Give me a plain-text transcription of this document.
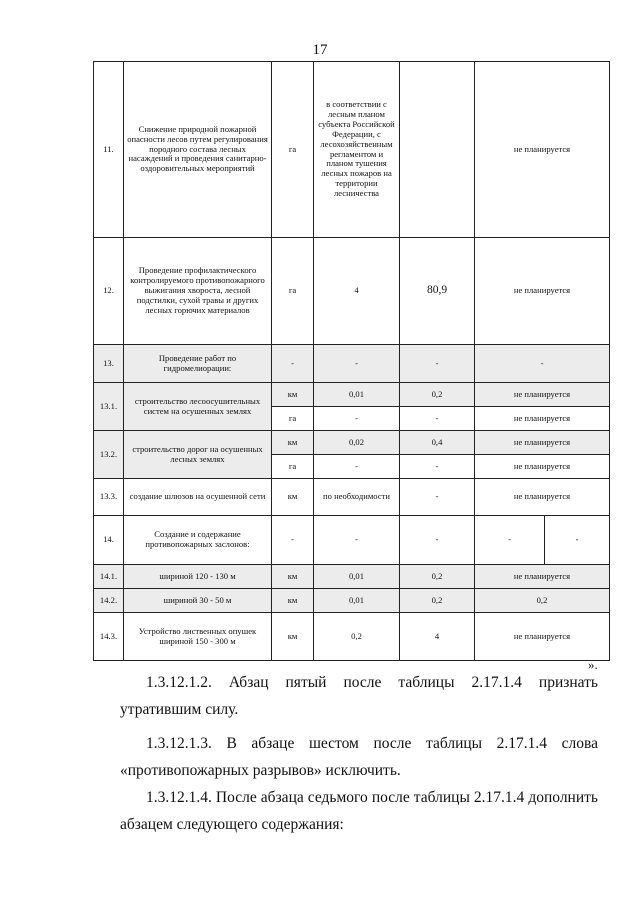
17
11.	Снижение природной пожарной опасности лесов путем регулирования породного состава лесных насаждений и проведения санитарно-оздоровительных мероприятий	га	в соответствии с лесным планом субъекта Российской Федерации, с лесохозяйственным регламентом и планом тушения лесных пожаров на территории лесничества		не планируется	
12.	Проведение профилактического контролируемого противопожарного выжигания хвороста, лесной подстилки, сухой травы и других лесных горючих материалов	га	4	80,9	не планируется	
13.	Проведение работ по гидромелиорации:	-	-	-	-	
13.1.	строительство лесоосушительных систем на осушенных землях	км	0,01	0,2	не планируется	
		га	-	-	не планируется	
13.2.	строительство дорог на осушенных лесных землях	км	0,02	0,4	не планируется	
		га	-	-	не планируется	
13.3.	создание шлюзов на осушенной сети	км	по необходимости	-	не планируется	
14.	Создание и содержание противопожарных заслонов:	-	-	-	-	-
14.1.	шириной 120 - 130 м	км	0,01	0,2	не планируется	
14.2.	шириной 30 - 50 м	км	0,01	0,2	0,2	
14.3.	Устройство лиственных опушек шириной 150 - 300 м	км	0,2	4	не планируется	
».

1.3.12.1.2. Абзац пятый после таблицы 2.17.1.4 признать утратившим силу.

1.3.12.1.3. В абзаце шестом после таблицы 2.17.1.4 слова «противопожарных разрывов» исключить.

1.3.12.1.4. После абзаца седьмого после таблицы 2.17.1.4 дополнить абзацем следующего содержания:
